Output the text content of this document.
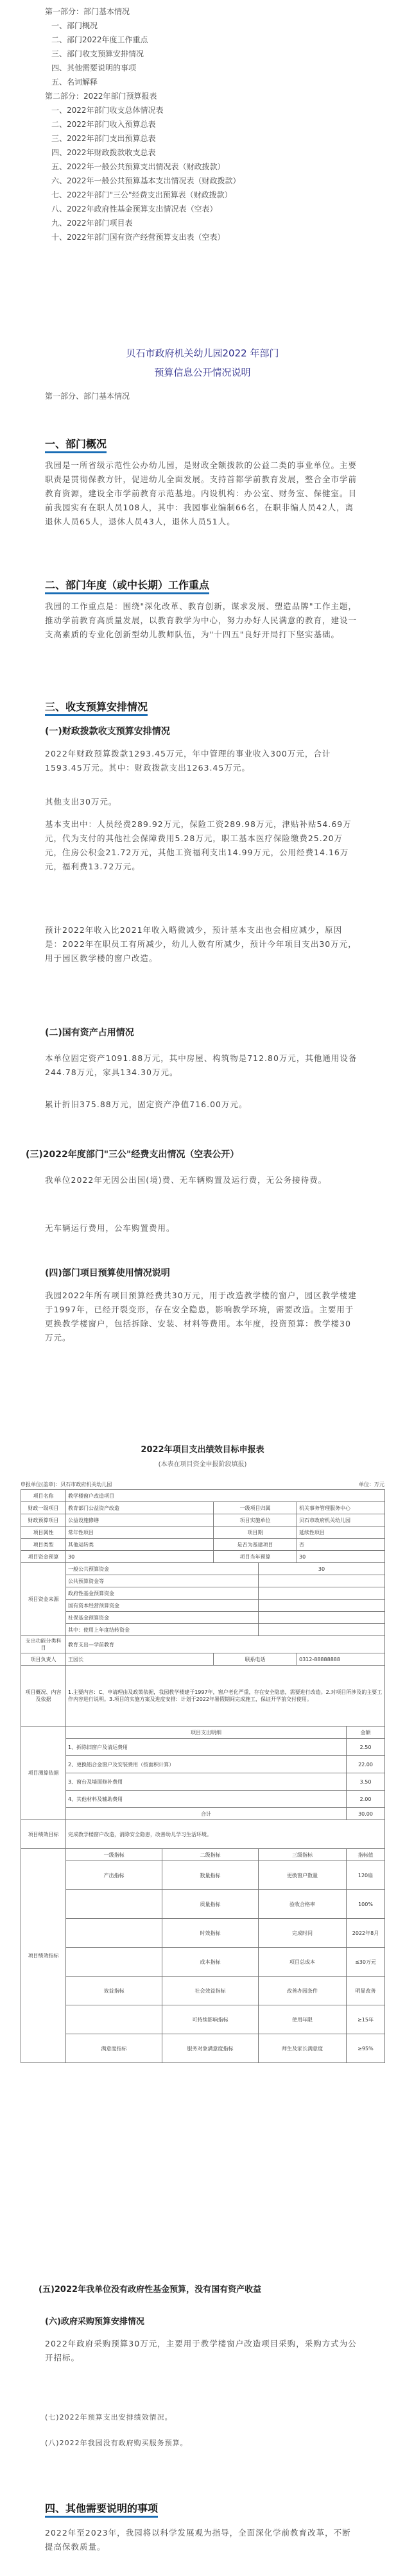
第一部分：部门基本情况
一、部门概况
二、部门2022年度工作重点
三、部门收支预算安排情况
四、其他需要说明的事项
五、名词解释
第二部分：2022年部门预算报表
一、2022年部门收支总体情况表
二、2022年部门收入预算总表
三、2022年部门支出预算总表
四、2022年财政拨款收支总表
五、2022年一般公共预算支出情况表（财政拨款）
六、2022年一般公共预算基本支出情况表（财政拨款）
七、2022年部门"三公"经费支出预算表（财政拨款）
八、2022年政府性基金预算支出情况表（空表）
九、2022年部门项目表
十、2022年部门国有资产经营预算支出表（空表）
贝石市政府机关幼儿园2022 年部门
预算信息公开情况说明
第一部分、部门基本情况
一、部门概况
我园是一所省级示范性公办幼儿园，是财政全额拨款的公益二类的事业单位。主要职责是贯彻保教方针，促进幼儿全面发展。支持首都学前教育发展，整合全市学前教育资源，建设全市学前教育示范基地。内设机构：办公室、财务室、保健室。目前我园实有在职人员108人，其中：我园事业编制66名，在职非编人员42人，离退休人员65人，退休人员43人，退休人员51人。
二、部门年度（或中长期）工作重点
我园的工作重点是：围绕"深化改革、教育创新，谋求发展、塑造品牌"工作主题，推动学前教育高质量发展，以教育教学为中心，努力办好人民满意的教育，建设一支高素质的专业化创新型幼儿教师队伍，为"十四五"良好开局打下坚实基础。
三、收支预算安排情况
(一)财政拨款收支预算安排情况
2022年财政预算拨款1293.45万元，年中管理的事业收入300万元，合计1593.45万元。其中：财政拨款支出1263.45万元。
其他支出30万元。
基本支出中：人员经费289.92万元，保险工资289.98万元，津贴补贴54.69万元，代为支付的其他社会保障费用5.28万元，职工基本医疗保险缴费25.20万元，住房公积金21.72万元，其他工资福利支出14.99万元，公用经费14.16万元，福利费13.72万元。
预计2022年收入比2021年收入略微减少，预计基本支出也会相应减少，原因是：2022年在职员工有所减少，幼儿人数有所减少，预计今年项目支出30万元，用于园区教学楼的窗户改造。
(二)国有资产占用情况
本单位固定资产1091.88万元，其中房屋、构筑物是712.80万元，其他通用设备244.78万元，家具134.30万元。
累计折旧375.88万元，固定资产净值716.00万元。
(三)2022年度部门"三公"经费支出情况（空表公开）
我单位2022年无因公出国(境)费、无车辆购置及运行费，无公务接待费。
无车辆运行费用，公车购置费用。
(四)部门项目预算使用情况说明
我园2022年所有项目预算经费共30万元，用于改造教学楼的窗户，园区教学楼建于1997年，已经开裂变形，存在安全隐患，影响教学环境，需要改造。主要用于更换教学楼窗户，包括拆除、安装、材料等费用。本年度，投资预算：教学楼30万元。
2022年项目支出绩效目标申报表
(本表在项目资金申报阶段填报)
申报单位(盖章)：贝石市政府机关幼儿园	单位：万元
项目名称	教学楼窗户改造项目					
财政一级项目	教育部门公益资产改造		一级项目归属		机关事务管理服务中心	
财政预算项目	公益设施修缮		项目实施单位		贝石市政府机关幼儿园	
项目属性	常年性项目		项目期		延续性项目	
项目类型	其他运转类		是否为基建项目		否	
项目资金预算	30		项目当年预算		30	
项目资金来源	一般公共预算资金			30		
	公共预算资金等					
	政府性基金预算资金					
	国有资本经营预算资金					
	社保基金预算资金					
	其中：使用上年度结转资金					
支出功能分类科目	教育支出—学前教育					
项目负责人	王园长		联系电话		0312-88888888	
项目概况、内容及依据	1.主要内容：C、申请理由及政策依据，我园教学楼建于1997年，窗户老化严重，存在安全隐患，需要进行改造。2.对项目所涉及的主要工作内容进行说明。3.项目的实施方案及进度安排：计划于2022年暑假期间完成施工，保证开学前交付使用。					
项目测算依据	项目支出明细					金额
	1、拆除旧窗户及清运费用					2.50
	2、更换铝合金窗户及安装费用（按面积计算）					22.00
	3、窗台及墙面修补费用					3.50
	4、其他材料及辅助费用					2.00
	合计					30.00
项目绩效目标	完成教学楼窗户改造，消除安全隐患，改善幼儿学习生活环境。					
项目绩效指标	一级指标	二级指标		三级指标		指标值
	产出指标	数量指标		更换窗户数量		120扇
		质量指标		验收合格率		100%
		时效指标		完成时间		2022年8月
		成本指标		项目总成本		≤30万元
	效益指标	社会效益指标		改善办园条件		明显改善
		可持续影响指标		使用年限		≥15年
	满意度指标	服务对象满意度指标		师生及家长满意度		≥95%
(五)2022年我单位没有政府性基金预算，没有国有资产收益
(六)政府采购预算安排情况
2022年政府采购预算30万元，主要用于教学楼窗户改造项目采购，采购方式为公开招标。
(七)2022年预算支出安排绩效情况。
(八)2022年我园没有政府购买服务预算。
四、其他需要说明的事项
2022年至2023年，我园将以科学发展观为指导，全面深化学前教育改革，不断提高保教质量。
